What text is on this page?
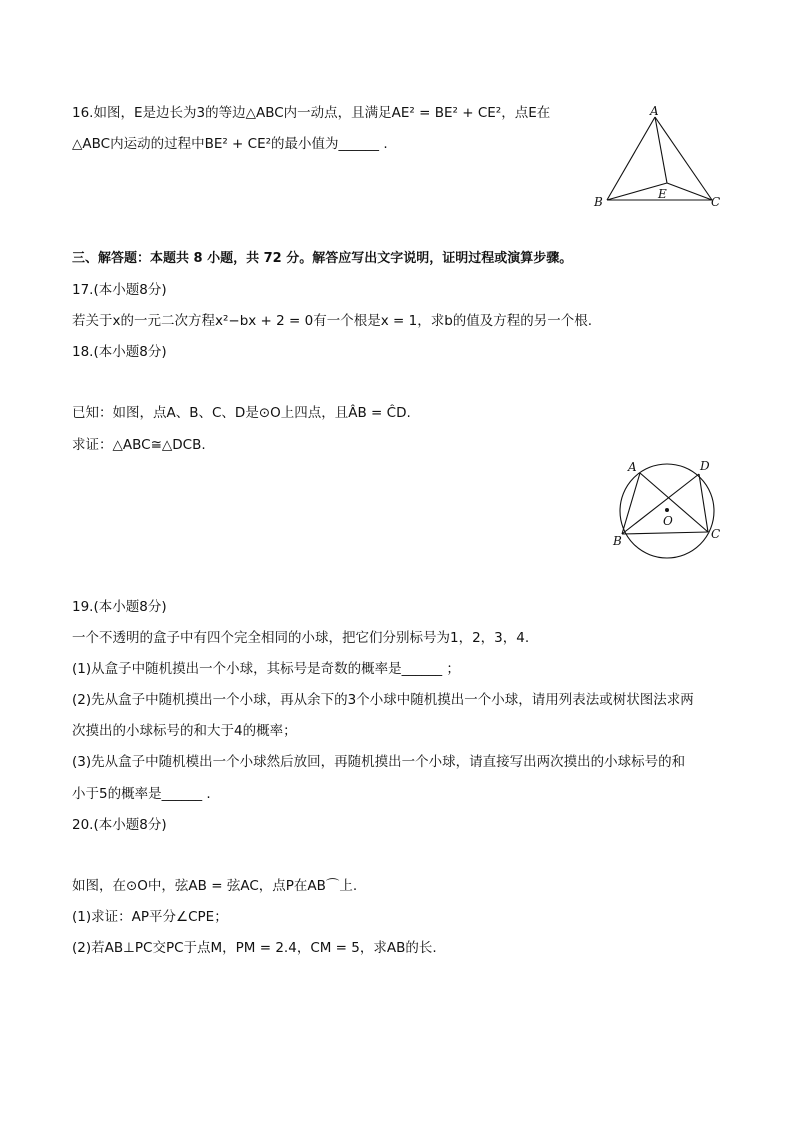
16.如图，E是边长为3的等边△ABC内一动点，且满足AE² = BE² + CE²，点E在
△ABC内运动的过程中BE² + CE²的最小值为______ .
A
B	C
E
三、解答题：本题共 8 小题，共 72 分。解答应写出文字说明，证明过程或演算步骤。
17.(本小题8分)
若关于x的一元二次方程x²−bx + 2 = 0有一个根是x = 1，求b的值及方程的另一个根.
18.(本小题8分)
已知：如图，点A、B、C、D是⊙O上四点，且ÂB = ĈD.
求证：△ABC≅△DCB.
A	D
O
B	C
19.(本小题8分)
一个不透明的盒子中有四个完全相同的小球，把它们分别标号为1，2，3，4.
(1)从盒子中随机摸出一个小球，其标号是奇数的概率是______ ；
(2)先从盒子中随机摸出一个小球，再从余下的3个小球中随机摸出一个小球，请用列表法或树状图法求两
次摸出的小球标号的和大于4的概率；
(3)先从盒子中随机模出一个小球然后放回，再随机摸出一个小球，请直接写出两次摸出的小球标号的和
小于5的概率是______ .
20.(本小题8分)
如图，在⊙O中，弦AB = 弦AC，点P在AB⌒上.
(1)求证：AP平分∠CPE；
(2)若AB⊥PC交PC于点M，PM = 2.4，CM = 5，求AB的长.
